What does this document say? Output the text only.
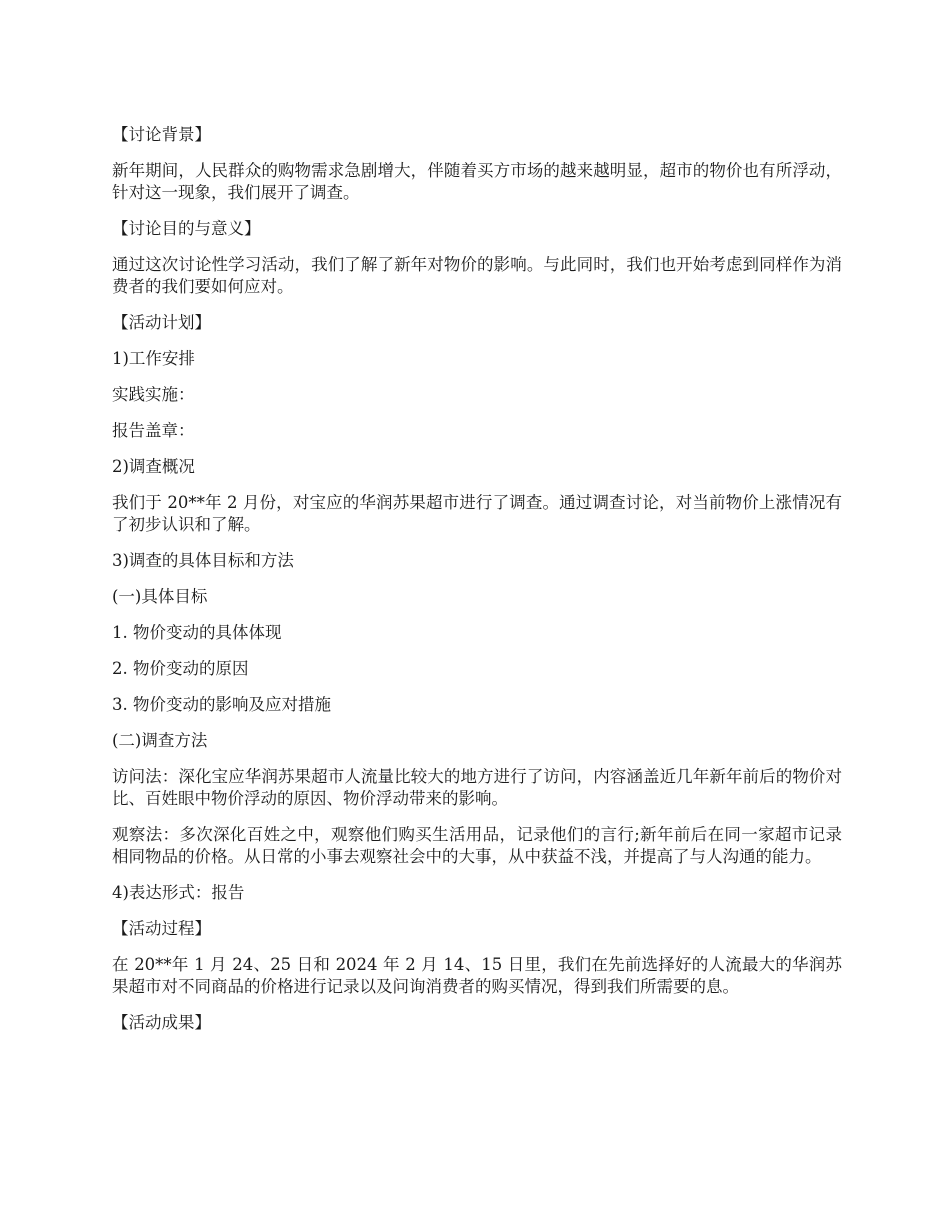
【讨论背景】

新年期间，人民群众的购物需求急剧增大，伴随着买方市场的越来越明显，超市的物价也有所浮动，针对这一现象，我们展开了调查。

【讨论目的与意义】

通过这次讨论性学习活动，我们了解了新年对物价的影响。与此同时，我们也开始考虑到同样作为消费者的我们要如何应对。

【活动计划】

1)工作安排

实践实施：

报告盖章：

2)调查概况

我们于 20**年 2 月份，对宝应的华润苏果超市进行了调查。通过调查讨论，对当前物价上涨情况有了初步认识和了解。

3)调查的具体目标和方法

(一)具体目标

1. 物价变动的具体体现

2. 物价变动的原因

3. 物价变动的影响及应对措施

(二)调查方法

访问法：深化宝应华润苏果超市人流量比较大的地方进行了访问，内容涵盖近几年新年前后的物价对比、百姓眼中物价浮动的原因、物价浮动带来的影响。

观察法：多次深化百姓之中，观察他们购买生活用品，记录他们的言行;新年前后在同一家超市记录相同物品的价格。从日常的小事去观察社会中的大事，从中获益不浅，并提高了与人沟通的能力。

4)表达形式：报告

【活动过程】

在 20**年 1 月 24、25 日和 2024 年 2 月 14、15 日里，我们在先前选择好的人流最大的华润苏果超市对不同商品的价格进行记录以及问询消费者的购买情况，得到我们所需要的息。

【活动成果】
